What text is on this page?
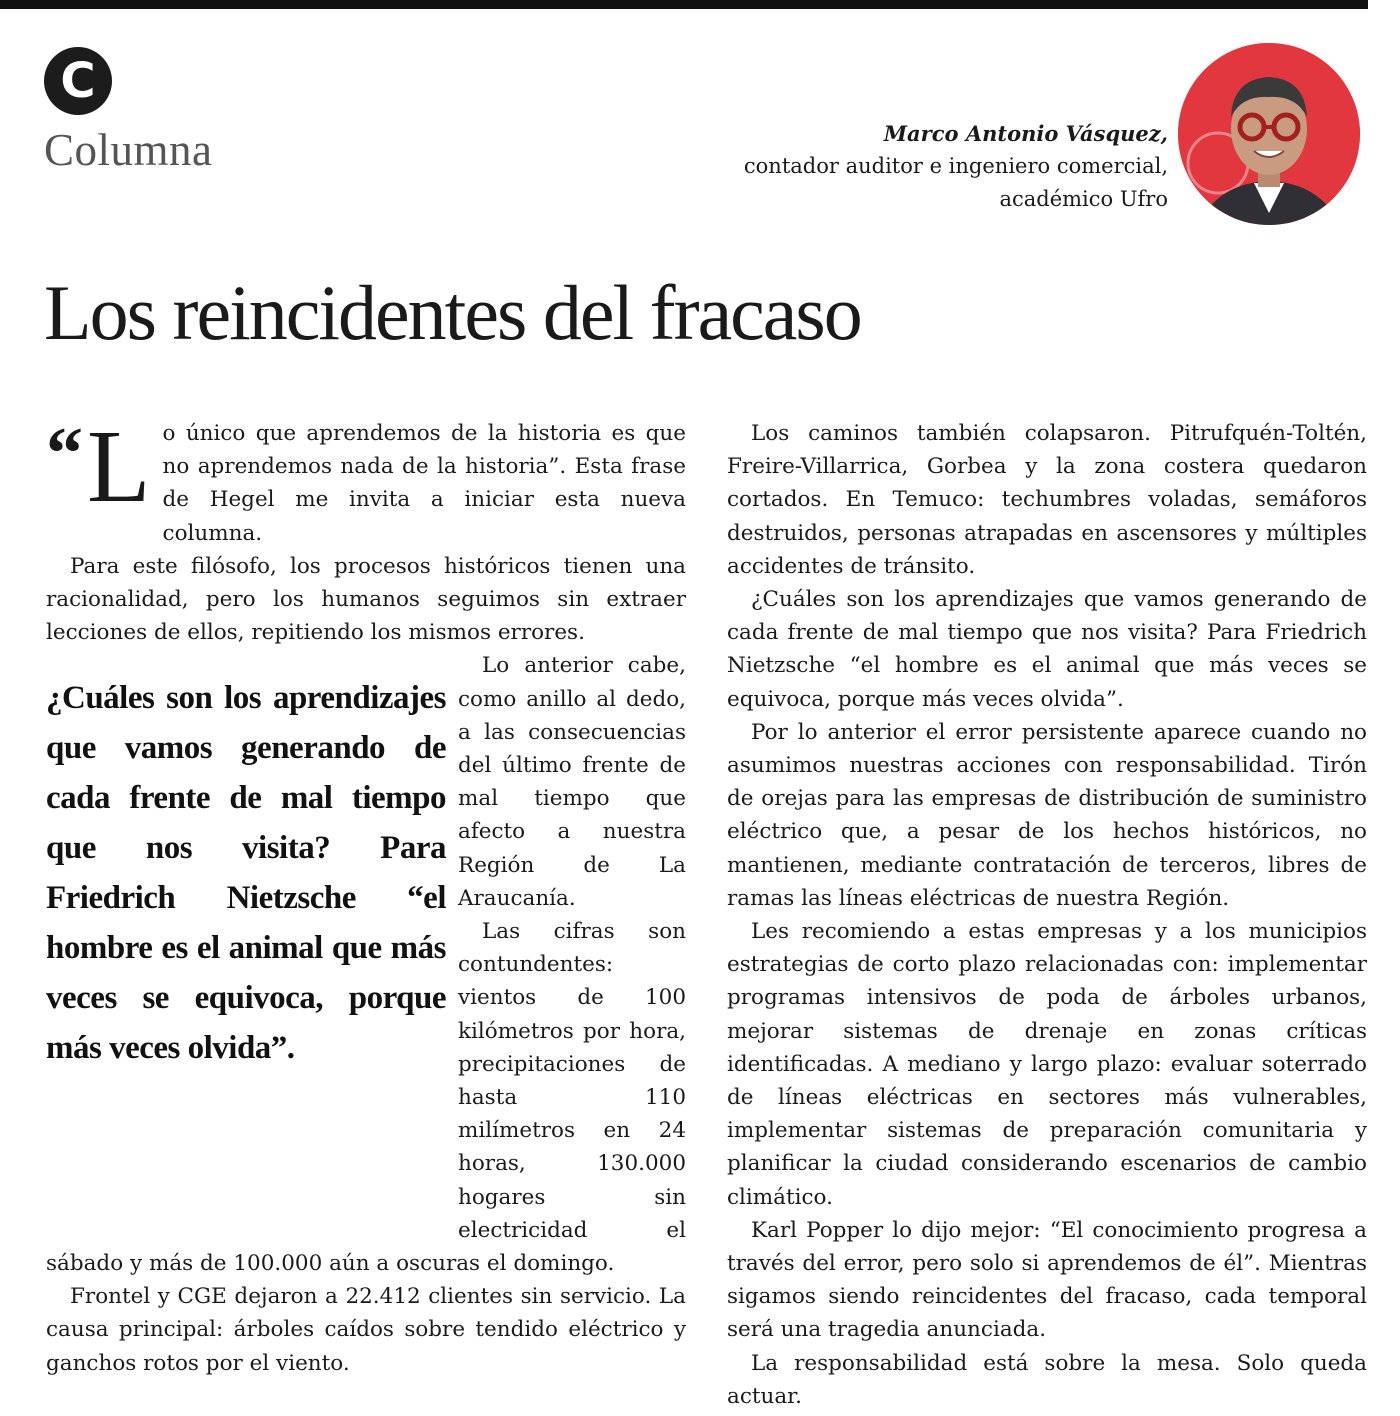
C
Columna	Marco Antonio Vásquez,
contador auditor e ingeniero comercial,
académico Ufro
Los reincidentes del fracaso
“ L o único que aprendemos de la historia es que no aprendemos nada de la historia”. Esta frase de Hegel me invita a iniciar esta nueva columna.

Para este filósofo, los procesos históricos tienen una racionalidad, pero los humanos seguimos sin extraer lecciones de ellos, repitiendo los mismos errores.

¿Cuáles son los aprendizajes que vamos generando de cada frente de mal tiempo que nos visita? Para Friedrich Nietzsche “el hombre es el animal que más veces se equivoca, porque más veces olvida”.

Lo anterior cabe, como anillo al dedo, a las consecuencias del último frente de mal tiempo que afecto a nuestra Región de La Araucanía.

Las cifras son contundentes: vientos de 100 kilómetros por hora, precipitaciones de hasta 110 milímetros en 24 horas, 130.000 hogares sin electricidad el sábado y más de 100.000 aún a oscuras el domingo.

Frontel y CGE dejaron a 22.412 clientes sin servicio. La causa principal: árboles caídos sobre tendido eléctrico y ganchos rotos por el viento.

Los caminos también colapsaron. Pitrufquén-Toltén, Freire-Villarrica, Gorbea y la zona costera quedaron cortados. En Temuco: techumbres voladas, semáforos destruidos, personas atrapadas en ascensores y múltiples accidentes de tránsito.

¿Cuáles son los aprendizajes que vamos generando de cada frente de mal tiempo que nos visita? Para Friedrich Nietzsche “el hombre es el animal que más veces se equivoca, porque más veces olvida”.

Por lo anterior el error persistente aparece cuando no asumimos nuestras acciones con responsabilidad. Tirón de orejas para las empresas de distribución de suministro eléctrico que, a pesar de los hechos históricos, no mantienen, mediante contratación de terceros, libres de ramas las líneas eléctricas de nuestra Región.

Les recomiendo a estas empresas y a los municipios estrategias de corto plazo relacionadas con: implementar programas intensivos de poda de árboles urbanos, mejorar sistemas de drenaje en zonas críticas identificadas. A mediano y largo plazo: evaluar soterrado de líneas eléctricas en sectores más vulnerables, implementar sistemas de preparación comunitaria y planificar la ciudad considerando escenarios de cambio climático.

Karl Popper lo dijo mejor: “El conocimiento progresa a través del error, pero solo si aprendemos de él”. Mientras sigamos siendo reincidentes del fracaso, cada temporal será una tragedia anunciada.

La responsabilidad está sobre la mesa. Solo queda actuar.
